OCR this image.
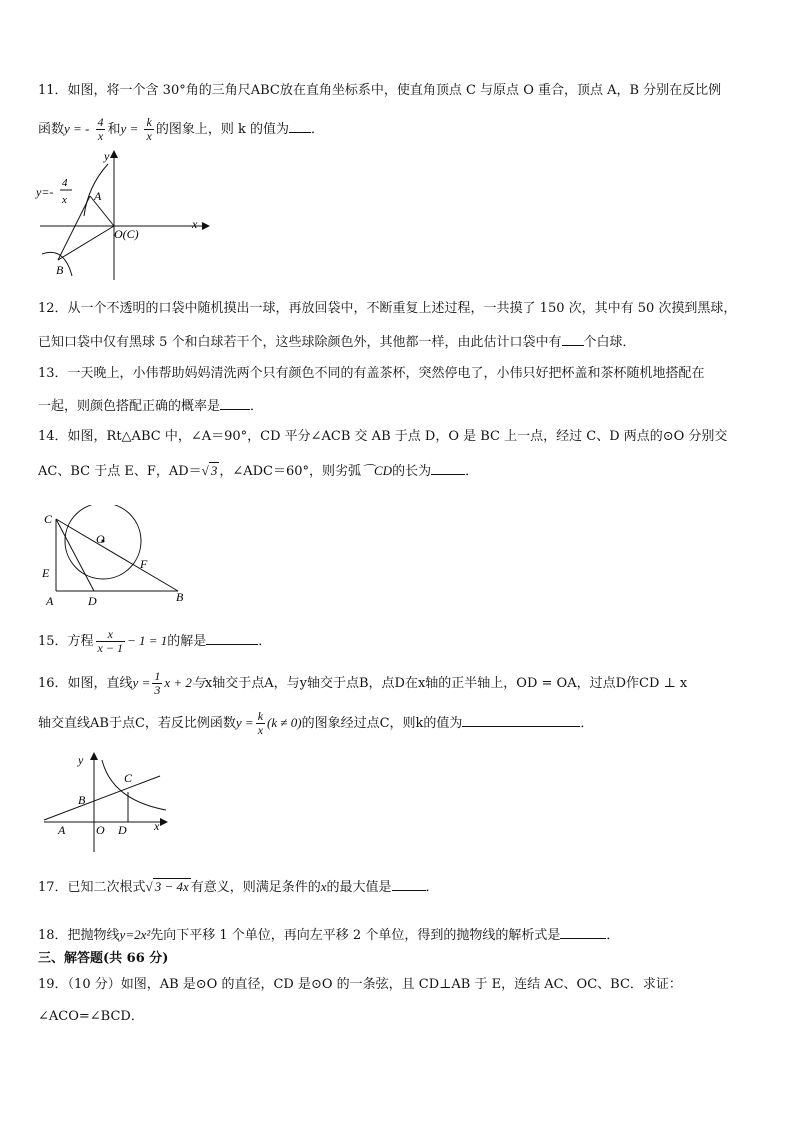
11．如图，将一个含 30°角的三角尺ABC放在直角坐标系中，使直角顶点 C 与原点 O 重合，顶点 A，B 分别在反比例
函数y = - $\frac{4}{x}$ 和$y = \frac{k}{x}$ 的图象上，则 k 的值为 ．
y
x
y=-
4
x A
B
O(C)
12．从一个不透明的口袋中随机摸出一球，再放回袋中，不断重复上述过程，一共摸了 150 次，其中有 50 次摸到黑球，
已知口袋中仅有黑球 5 个和白球若干个，这些球除颜色外，其他都一样，由此估计口袋中有 个白球．
13．一天晚上，小伟帮助妈妈清洗两个只有颜色不同的有盖茶杯，突然停电了，小伟只好把杯盖和茶杯随机地搭配在
一起，则颜色搭配正确的概率是 ．
14．如图，Rt△ABC 中，∠A＝90°，CD 平分∠ACB 交 AB 于点 D，O 是 BC 上一点，经过 C、D 两点的⊙O 分别交
AC、BC 于点 E、F，AD＝√ 3 ，∠ADC＝60°，则劣弧⌒CD的长为	．
C
O
F
E
A	D	B
15．方程 $\frac{x}{x - 1} - 1 = 1$的解是	．
16．如图，直线$y = \frac{1}{3}$ x + 2与x轴交于点A，与y轴交于点B，点D在x轴的正半轴上，OD = OA，过点D作CD ⊥ x
轴交直线AB于点C，若反比例函数$y = \frac{k}{x} (k \ne 0)$的图象经过点C，则k的值为	．
y
x
C
B
A	O D
17．已知二次根式√ 3 − 4x 有意义，则满足条件的x的最大值是	．
18．把抛物线y=2x²先向下平移 1 个单位，再向左平移 2 个单位，得到的抛物线的解析式是	．
三、解答题(共 66 分)
19．（10 分）如图，AB 是⊙O 的直径，CD 是⊙O 的一条弦，且 CD⊥AB 于 E，连结 AC、OC、BC．求证：
∠ACO=∠BCD．
